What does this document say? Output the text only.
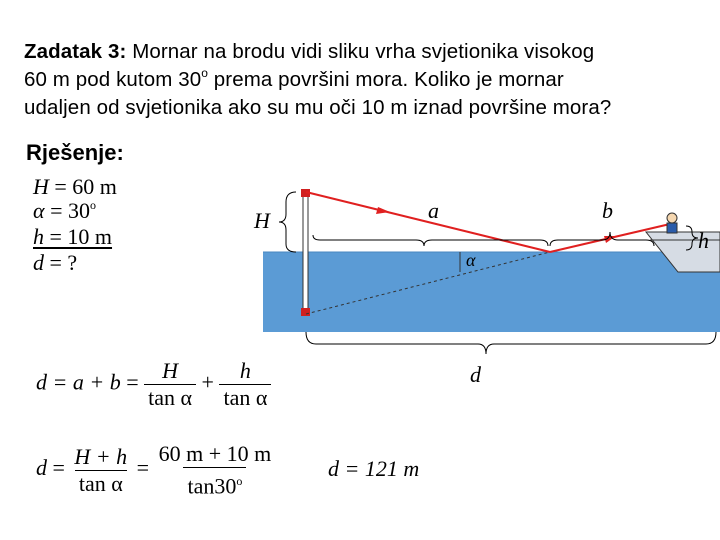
Zadatak 3: Mornar na brodu vidi sliku vrha svjetionika visokog
60 m pod kutom 30$^o$ prema površini mora. Koliko je mornar
udaljen od svjetionika ako su mu oči 10 m iznad površine mora?
Rješenje:
H = 60 m
$\alpha = 30^o$
h = 10 m
d = ?
H	a	b
α
h
d
$d = a + b = \frac{H}{\text{tan α}} + \frac{h}{\text{tan α}}$
$d = \frac{H + h}{\text{tan α}} = \frac{60 m + 10 m}{\tan 30^o}$ d = 121 m
